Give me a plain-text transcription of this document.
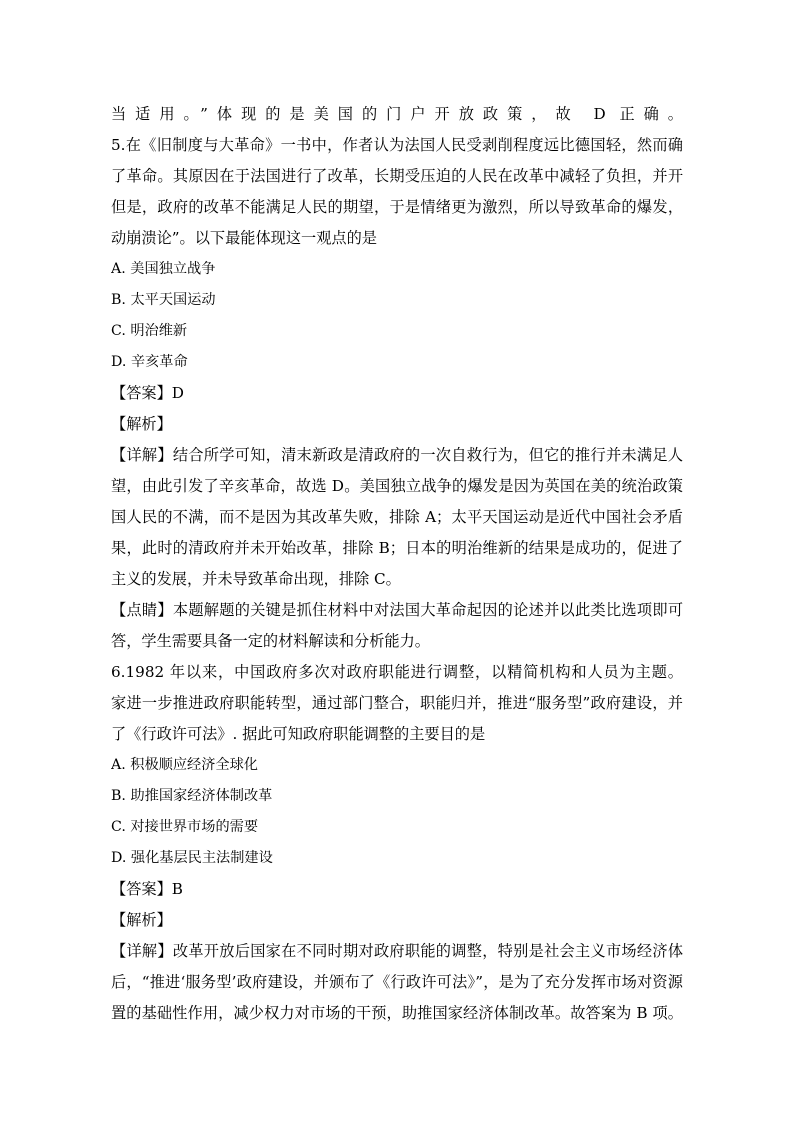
当适用。”体现的是美国的门户开放政策，故 D 正确。
5.在《旧制度与大革命》一书中，作者认为法国人民受剥削程度远比德国轻，然而确
了革命。其原因在于法国进行了改革，长期受压迫的人民在改革中减轻了负担，并开
但是，政府的改革不能满足人民的期望，于是情绪更为激烈，所以导致革命的爆发，
动崩溃论”。以下最能体现这一观点的是
A. 美国独立战争
B. 太平天国运动
C. 明治维新
D. 辛亥革命
【答案】D
【解析】
【详解】结合所学可知，清末新政是清政府的一次自救行为，但它的推行并未满足人
望，由此引发了辛亥革命，故选 D。美国独立战争的爆发是因为英国在美的统治政策
国人民的不满，而不是因为其改革失败，排除 A；太平天国运动是近代中国社会矛盾
果，此时的清政府并未开始改革，排除 B；日本的明治维新的结果是成功的，促进了
主义的发展，并未导致革命出现，排除 C。
【点睛】本题解题的关键是抓住材料中对法国大革命起因的论述并以此类比选项即可
答，学生需要具备一定的材料解读和分析能力。
6.1982 年以来，中国政府多次对政府职能进行调整，以精简机构和人员为主题。
家进一步推进政府职能转型，通过部门整合，职能归并，推进“服务型”政府建设，并
了《行政许可法》. 据此可知政府职能调整的主要目的是
A. 积极顺应经济全球化
B. 助推国家经济体制改革
C. 对接世界市场的需要
D. 强化基层民主法制建设
【答案】B
【解析】
【详解】改革开放后国家在不同时期对政府职能的调整，特别是社会主义市场经济体
后，“推进‘服务型’政府建设，并颁布了《行政许可法》”，是为了充分发挥市场对资源
置的基础性作用，减少权力对市场的干预，助推国家经济体制改革。故答案为 B 项。
